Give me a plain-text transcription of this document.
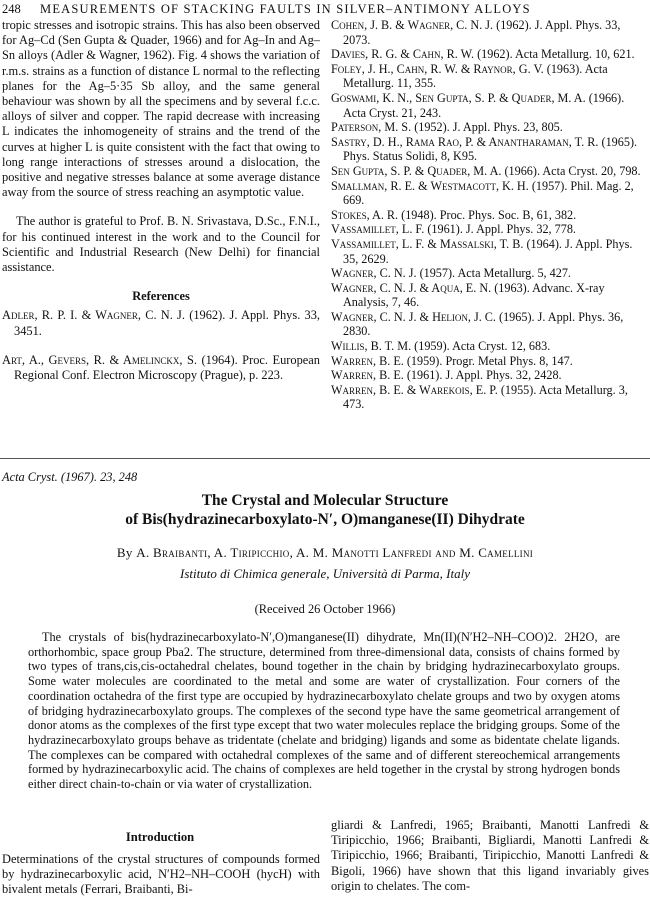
248 MEASUREMENTS OF STACKING FAULTS IN SILVER–ANTIMONY ALLOYS

tropic stresses and isotropic strains. This has also been observed for Ag–Cd (Sen Gupta & Quader, 1966) and for Ag–In and Ag–Sn alloys (Adler & Wagner, 1962). Fig. 4 shows the variation of r.m.s. strains as a function of distance L normal to the reflecting planes for the Ag–5·35 Sb alloy, and the same general behaviour was shown by all the specimens and by several f.c.c. alloys of silver and copper. The rapid decrease with increasing L indicates the inhomogeneity of strains and the trend of the curves at higher L is quite consistent with the fact that owing to long range interactions of stresses around a dislocation, the positive and negative stresses balance at some average distance away from the source of stress reaching an asymptotic value.

The author is grateful to Prof. B. N. Srivastava, D.Sc., F.N.I., for his continued interest in the work and to the Council for Scientific and Industrial Research (New Delhi) for financial assistance.

References

Adler, R. P. I. & Wagner, C. N. J. (1962). J. Appl. Phys. 33, 3451.

Art, A., Gevers, R. & Amelinckx, S. (1964). Proc. European Regional Conf. Electron Microscopy (Prague), p. 223.

Cohen, J. B. & Wagner, C. N. J. (1962). J. Appl. Phys. 33, 2073.

Davies, R. G. & Cahn, R. W. (1962). Acta Metallurg. 10, 621.

Foley, J. H., Cahn, R. W. & Raynor, G. V. (1963). Acta Metallurg. 11, 355.

Goswami, K. N., Sen Gupta, S. P. & Quader, M. A. (1966). Acta Cryst. 21, 243.

Paterson, M. S. (1952). J. Appl. Phys. 23, 805.

Sastry, D. H., Rama Rao, P. & Anantharaman, T. R. (1965). Phys. Status Solidi, 8, K95.

Sen Gupta, S. P. & Quader, M. A. (1966). Acta Cryst. 20, 798.

Smallman, R. E. & Westmacott, K. H. (1957). Phil. Mag. 2, 669.

Stokes, A. R. (1948). Proc. Phys. Soc. B, 61, 382.

Vassamillet, L. F. (1961). J. Appl. Phys. 32, 778.

Vassamillet, L. F. & Massalski, T. B. (1964). J. Appl. Phys. 35, 2629.

Wagner, C. N. J. (1957). Acta Metallurg. 5, 427.

Wagner, C. N. J. & Aqua, E. N. (1963). Advanc. X-ray Analysis, 7, 46.

Wagner, C. N. J. & Helion, J. C. (1965). J. Appl. Phys. 36, 2830.

Willis, B. T. M. (1959). Acta Cryst. 12, 683.

Warren, B. E. (1959). Progr. Metal Phys. 8, 147.

Warren, B. E. (1961). J. Appl. Phys. 32, 2428.

Warren, B. E. & Warekois, E. P. (1955). Acta Metallurg. 3, 473.

Acta Cryst. (1967). 23, 248
The Crystal and Molecular Structure
of Bis(hydrazinecarboxylato-N′, O)manganese(II) Dihydrate
By A. Braibanti, A. Tiripicchio, A. M. Manotti Lanfredi and M. Camellini
Istituto di Chimica generale, Università di Parma, Italy
(Received 26 October 1966)
The crystals of bis(hydrazinecarboxylato-N′,O)manganese(II) dihydrate, Mn(II)(N′H2–NH–COO)2. 2H2O, are orthorhombic, space group Pba2. The structure, determined from three-dimensional data, consists of chains formed by two types of trans,cis,cis-octahedral chelates, bound together in the chain by bridging hydrazinecarboxylato groups. Some water molecules are coordinated to the metal and some are water of crystallization. Four corners of the coordination octahedra of the first type are occupied by hydrazinecarboxylato chelate groups and two by oxygen atoms of bridging hydrazinecarboxylato groups. The complexes of the second type have the same geometrical arrangement of donor atoms as the complexes of the first type except that two water molecules replace the bridging groups. Some of the hydrazinecarboxylato groups behave as tridentate (chelate and bridging) ligands and some as bidentate chelate ligands. The complexes can be compared with octahedral complexes of the same and of different stereochemical arrangements formed by hydrazinecarboxylic acid. The chains of complexes are held together in the crystal by strong hydrogen bonds either direct chain-to-chain or via water of crystallization.
Introduction
Determinations of the crystal structures of compounds formed by hydrazinecarboxylic acid, N′H2–NH–COOH (hycH) with bivalent metals (Ferrari, Braibanti, Bi-
gliardi & Lanfredi, 1965; Braibanti, Manotti Lanfredi & Tiripicchio, 1966; Braibanti, Bigliardi, Manotti Lanfredi & Tiripicchio, 1966; Braibanti, Tiripicchio, Manotti Lanfredi & Bigoli, 1966) have shown that this ligand invariably gives origin to chelates. The com-
